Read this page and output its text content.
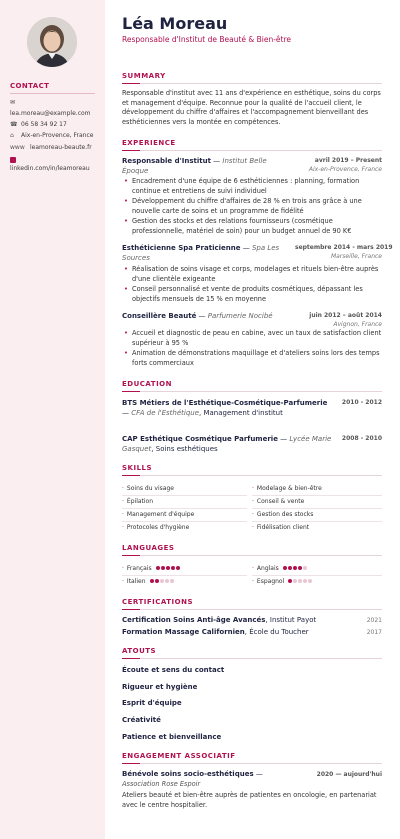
CONTACT
✉
lea.moreau@example.com
☎ 06 58 34 92 17
⌂ Aix-en-Provence, France
www leamoreau-beaute.fr
linkedin.com/in/leamoreau
Léa Moreau
Responsable d'Institut de Beauté & Bien-être
SUMMARY
Responsable d'institut avec 11 ans d'expérience en esthétique, soins du corps et management d'équipe. Reconnue pour la qualité de l'accueil client, le développement du chiffre d'affaires et l'accompagnement bienveillant des esthéticiennes vers la montée en compétences.
EXPERIENCE
Responsable d'Institut — Institut Belle Époque
avril 2019 – Present
Aix-en-Provence, France
• Encadrement d'une équipe de 6 esthéticiennes : planning, formation continue et entretiens de suivi individuel
• Développement du chiffre d'affaires de 28 % en trois ans grâce à une nouvelle carte de soins et un programme de fidélité
• Gestion des stocks et des relations fournisseurs (cosmétique professionnelle, matériel de soin) pour un budget annuel de 90 K€
Esthéticienne Spa Praticienne — Spa Les Sources
septembre 2014 - mars 2019
Marseille, France
• Réalisation de soins visage et corps, modelages et rituels bien-être auprès d'une clientèle exigeante
• Conseil personnalisé et vente de produits cosmétiques, dépassant les objectifs mensuels de 15 % en moyenne
Conseillère Beauté — Parfumerie Nocibé	juin 2012 – août 2014
Avignon, France
• Accueil et diagnostic de peau en cabine, avec un taux de satisfaction client supérieur à 95 %
• Animation de démonstrations maquillage et d'ateliers soins lors des temps forts commerciaux
EDUCATION
BTS Métiers de l'Esthétique-Cosmétique-Parfumerie — CFA de l'Esthétique, Management d'institut
2010 - 2012
CAP Esthétique Cosmétique Parfumerie — Lycée Marie Gasquet, Soins esthétiques
2008 - 2010
SKILLS
· Soins du visage	· Modelage & bien-être
· Épilation	· Conseil & vente
· Management d'équipe	· Gestion des stocks
· Protocoles d'hygiène	· Fidélisation client
LANGUAGES
· Français	· Anglais
· Italien	· Espagnol
CERTIFICATIONS
Certification Soins Anti-âge Avancés, Institut Payot	2021
Formation Massage Californien, École du Toucher	2017
ATOUTS
Écoute et sens du contact
Rigueur et hygiène
Esprit d'équipe
Créativité
Patience et bienveillance
ENGAGEMENT ASSOCIATIF
Bénévole soins socio-esthétiques —	2020 — aujourd'hui
Association Rose Espoir
Ateliers beauté et bien-être auprès de patientes en oncologie, en partenariat avec le centre hospitalier.
